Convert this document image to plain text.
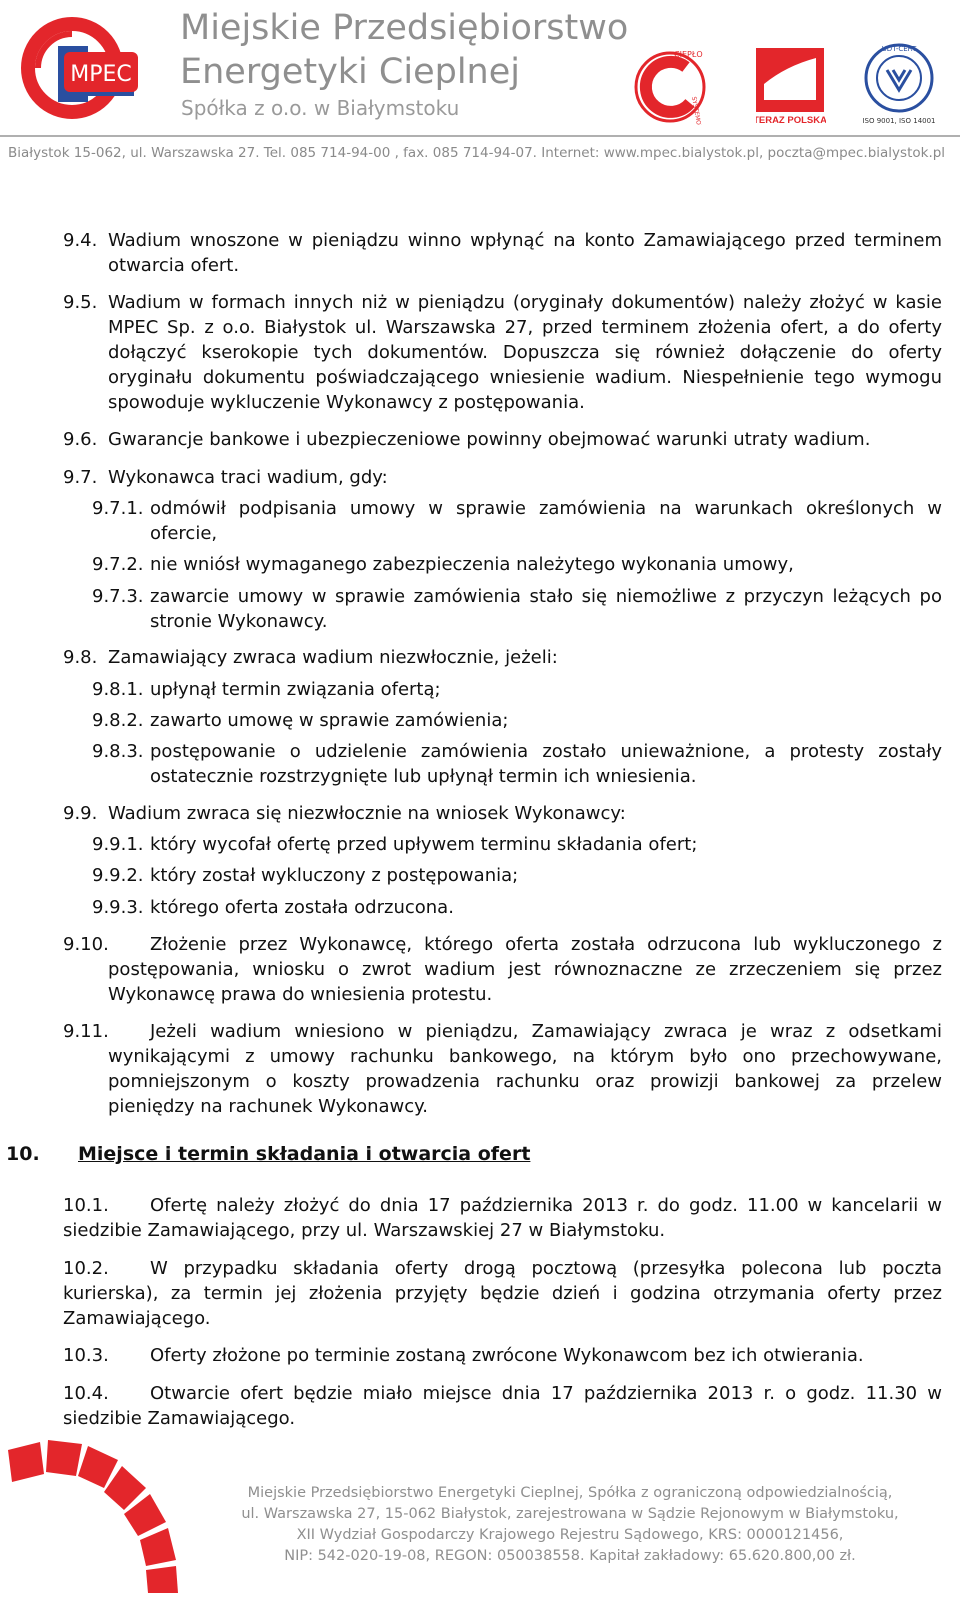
MPEC
Miejskie Przedsiębiorstwo
Energetyki Cieplnej
Spółka z o.o. w Białymstoku
CIEPŁO
SYSTEMOWE	TERAZ POLSKA
UDT-CERT
ISO 9001, ISO 14001
Białystok 15-062, ul. Warszawska 27. Tel. 085 714-94-00 , fax. 085 714-94-07. Internet: www.mpec.bialystok.pl, poczta@mpec.bialystok.pl
9.4. Wadium wnoszone w pieniądzu winno wpłynąć na konto Zamawiającego przed terminem otwarcia ofert.
9.5. Wadium w formach innych niż w pieniądzu (oryginały dokumentów) należy złożyć w kasie MPEC Sp. z o.o. Białystok ul. Warszawska 27, przed terminem złożenia ofert, a do oferty dołączyć kserokopie tych dokumentów. Dopuszcza się również dołączenie do oferty oryginału dokumentu poświadczającego wniesienie wadium. Niespełnienie tego wymogu spowoduje wykluczenie Wykonawcy z postępowania.
9.6. Gwarancje bankowe i ubezpieczeniowe powinny obejmować warunki utraty wadium.
9.7. Wykonawca traci wadium, gdy:
9.7.1. odmówił podpisania umowy w sprawie zamówienia na warunkach określonych w ofercie,
9.7.2. nie wniósł wymaganego zabezpieczenia należytego wykonania umowy,
9.7.3. zawarcie umowy w sprawie zamówienia stało się niemożliwe z przyczyn leżących po stronie Wykonawcy.
9.8. Zamawiający zwraca wadium niezwłocznie, jeżeli:
9.8.1. upłynął termin związania ofertą;
9.8.2. zawarto umowę w sprawie zamówienia;
9.8.3. postępowanie o udzielenie zamówienia zostało unieważnione, a protesty zostały ostatecznie rozstrzygnięte lub upłynął termin ich wniesienia.
9.9. Wadium zwraca się niezwłocznie na wniosek Wykonawcy:
9.9.1. który wycofał ofertę przed upływem terminu składania ofert;
9.9.2. który został wykluczony z postępowania;
9.9.3. którego oferta została odrzucona.
9.10.	Złożenie przez Wykonawcę, którego oferta została odrzucona lub wykluczonego z
postępowania, wniosku o zwrot wadium jest równoznaczne ze zrzeczeniem się przez Wykonawcę prawa do wniesienia protestu.
9.11.	Jeżeli wadium wniesiono w pieniądzu, Zamawiający zwraca je wraz z odsetkami
wynikającymi z umowy rachunku bankowego, na którym było ono przechowywane, pomniejszonym o koszty prowadzenia rachunku oraz prowizji bankowej za przelew pieniędzy na rachunek Wykonawcy.
10. Miejsce i termin składania i otwarcia ofert
10.1.	Ofertę należy złożyć do dnia 17 października 2013 r. do godz. 11.00 w kancelarii w
siedzibie Zamawiającego, przy ul. Warszawskiej 27 w Białymstoku.
10.2.	W przypadku składania oferty drogą pocztową (przesyłka polecona lub poczta
kurierska), za termin jej złożenia przyjęty będzie dzień i godzina otrzymania oferty przez Zamawiającego.
10.3.	Oferty złożone po terminie zostaną zwrócone Wykonawcom bez ich otwierania.
10.4.	Otwarcie ofert będzie miało miejsce dnia 17 października 2013 r. o godz. 11.30 w
siedzibie Zamawiającego.
Miejskie Przedsiębiorstwo Energetyki Cieplnej, Spółka z ograniczoną odpowiedzialnością,
ul. Warszawska 27, 15-062 Białystok, zarejestrowana w Sądzie Rejonowym w Białymstoku,
XII Wydział Gospodarczy Krajowego Rejestru Sądowego, KRS: 0000121456,
NIP: 542-020-19-08, REGON: 050038558. Kapitał zakładowy: 65.620.800,00 zł.
